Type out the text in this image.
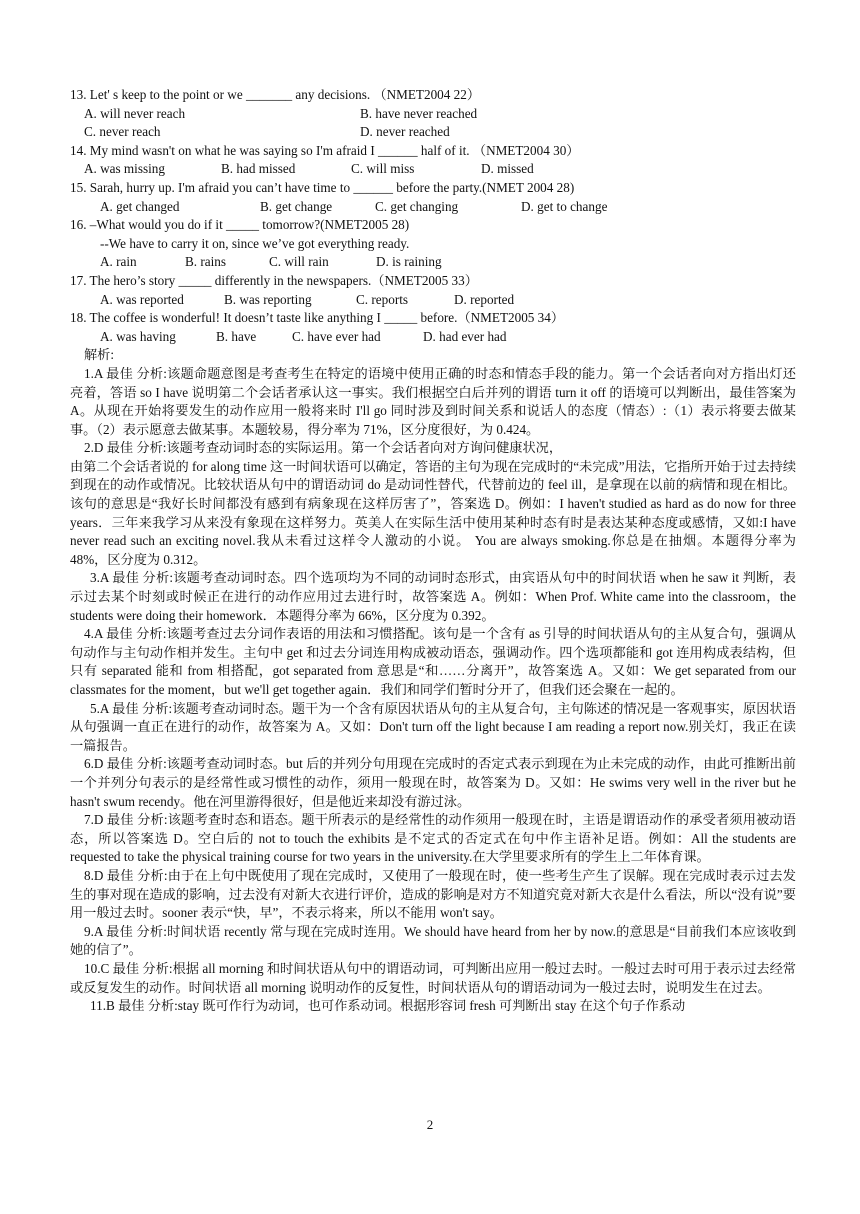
13. Let' s keep to the point or we _______ any decisions. （NMET2004 22）

A. will never reach	B. have never reached

C. never reach	D. never reached

14. My mind wasn't on what he was saying so I'm afraid I ______ half of it. （NMET2004 30）

A. was missing	B. had missed	C. will miss	D. missed

15. Sarah, hurry up. I'm afraid you can’t have time to ______ before the party.(NMET 2004 28)

A. get changed	B. get change	C. get changing	D. get to change

16. –What would you do if it _____ tomorrow?(NMET2005 28)

--We have to carry it on, since we’ve got everything ready.

A. rain	B. rains	C. will rain	D. is raining

17. The hero’s story _____ differently in the newspapers.（NMET2005 33）

A. was reported	B. was reporting	C. reports	D. reported

18. The coffee is wonderful! It doesn’t taste like anything I _____ before.（NMET2005 34）

A. was having	B. have	C. have ever had	D. had ever had

解析:

1.A 最佳 分析:该题命题意图是考查考生在特定的语境中使用正确的时态和情态手段的能力。第一个会话者向对方指出灯还亮着，答语 so I have 说明第二个会话者承认这一事实。我们根据空白后并列的谓语 turn it off 的语境可以判断出，最佳答案为 A。从现在开始将要发生的动作应用一般将来时 I'll go 同时涉及到时间关系和说话人的态度（情态）:（1）表示将要去做某事。（2）表示愿意去做某事。本题较易，得分率为 71%，区分度很好，为 0.424。

2.D 最佳 分析:该题考查动词时态的实际运用。第一个会话者向对方询问健康状况，

由第二个会话者说的 for along time 这一时间状语可以确定，答语的主句为现在完成时的“未完成”用法，它指所开始于过去持续到现在的动作或情况。比较状语从句中的谓语动词 do 是动词性替代，代替前边的 feel ill，是拿现在以前的病情和现在相比。该句的意思是“我好长时间都没有感到有病象现在这样厉害了”，答案选 D。例如：I haven't studied as hard as do now for three years．三年来我学习从来没有象现在这样努力。英美人在实际生活中使用某种时态有时是表达某种态度或感情，又如:I have never read such an exciting novel.我从未看过这样令人激动的小说。 You are always smoking.你总是在抽烟。本题得分率为 48%，区分度为 0.312。

3.A 最佳 分析:该题考查动词时态。四个选项均为不同的动词时态形式，由宾语从句中的时间状语 when he saw it 判断，表示过去某个时刻或时候正在进行的动作应用过去进行时，故答案选 A。例如：When Prof. White came into the classroom，the students were doing their homework．本题得分率为 66%，区分度为 0.392。

4.A 最佳 分析:该题考查过去分词作表语的用法和习惯搭配。该句是一个含有 as 引导的时间状语从句的主从复合句，强调从句动作与主句动作相并发生。主句中 get 和过去分词连用构成被动语态，强调动作。四个选项都能和 got 连用构成表结构，但只有 separated 能和 from 相搭配，got separated from 意思是“和……分离开”，故答案选 A。又如：We get separated from our classmates for the moment，but we'll get together again．我们和同学们暂时分开了，但我们还会聚在一起的。

5.A 最佳 分析:该题考查动词时态。题干为一个含有原因状语从句的主从复合句，主句陈述的情况是一客观事实，原因状语从句强调一直正在进行的动作，故答案为 A。又如：Don't turn off the light because I am reading a report now.别关灯，我正在读一篇报告。

6.D 最佳 分析:该题考查动词时态。but 后的并列分句用现在完成时的否定式表示到现在为止未完成的动作，由此可推断出前一个并列分句表示的是经常性或习惯性的动作，须用一般现在时，故答案为 D。又如：He swims very well in the river but he hasn't swum recendy。他在河里游得很好，但是他近来却没有游过泳。

7.D 最佳 分析:该题考查时态和语态。题干所表示的是经常性的动作须用一般现在时，主语是谓语动作的承受者须用被动语态，所以答案选 D。空白后的 not to touch the exhibits 是不定式的否定式在句中作主语补足语。例如：All the students are requested to take the physical training course for two years in the university.在大学里要求所有的学生上二年体育课。

8.D 最佳 分析:由于在上句中既使用了现在完成时，又使用了一般现在时，使一些考生产生了误解。现在完成时表示过去发生的事对现在造成的影响，过去没有对新大衣进行评价，造成的影响是对方不知道究竟对新大衣是什么看法，所以“没有说”要用一般过去时。sooner 表示“快，早”，不表示将来，所以不能用 won't say。

9.A 最佳 分析:时间状语 recently 常与现在完成时连用。We should have heard from her by now.的意思是“目前我们本应该收到她的信了”。

10.C 最佳 分析:根据 all morning 和时间状语从句中的谓语动词，可判断出应用一般过去时。一般过去时可用于表示过去经常或反复发生的动作。时间状语 all morning 说明动作的反复性，时间状语从句的谓语动词为一般过去时，说明发生在过去。

11.B 最佳 分析:stay 既可作行为动词，也可作系动词。根据形容词 fresh 可判断出 stay 在这个句子作系动

2
